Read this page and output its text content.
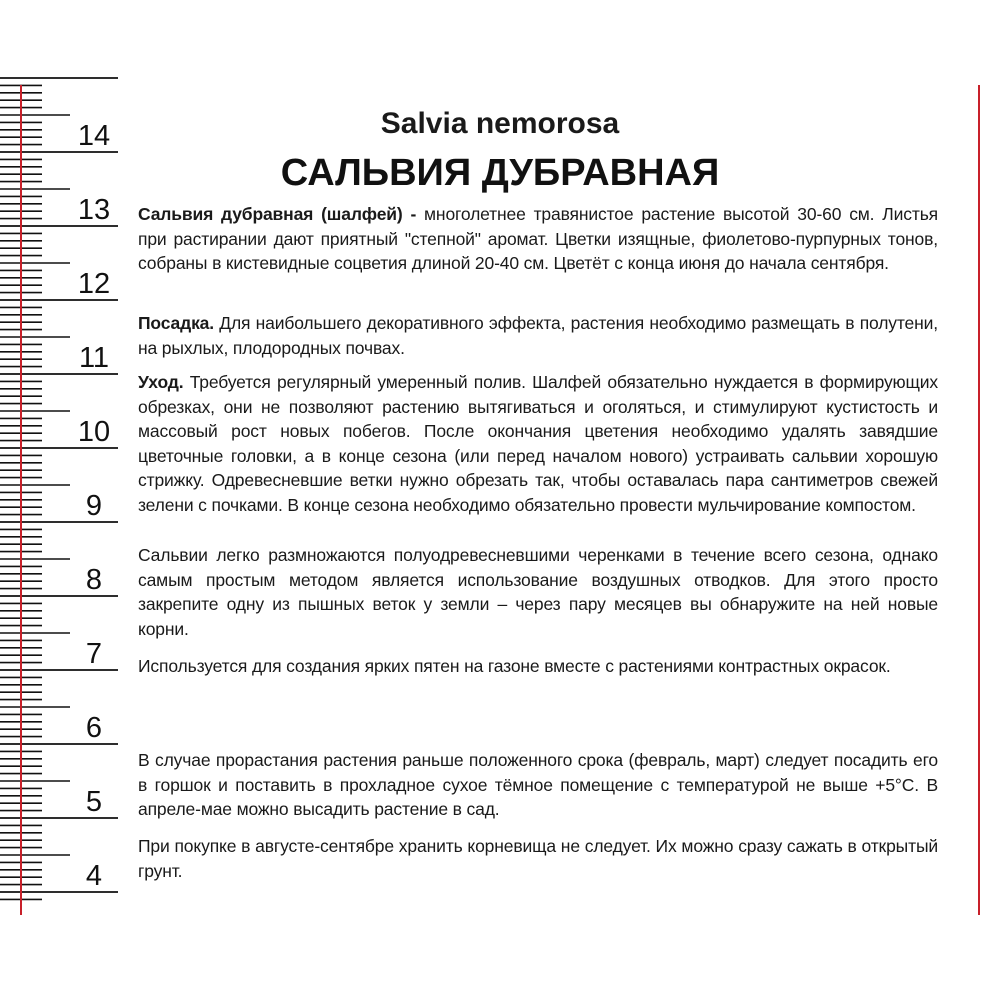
14
13
12
11
10
9
8
7
6
5
4
Salvia nemorosa
САЛЬВИЯ ДУБРАВНАЯ

Сальвия дубравная (шалфей) - многолетнее травянистое растение высотой 30-60 см. Листья при растирании дают приятный "степной" аромат. Цветки изящные, фиолетово-пурпурных тонов, собраны в кистевидные соцветия длиной 20-40 см. Цветёт с конца июня до начала сентября.

Посадка. Для наибольшего декоративного эффекта, растения необходимо размещать в полутени, на рыхлых, плодородных почвах.

Уход. Требуется регулярный умеренный полив. Шалфей обязательно нуждается в формирующих обрезках, они не позволяют растению вытягиваться и оголяться, и стимулируют кустистость и массовый рост новых побегов. После окончания цветения необходимо удалять завядшие цветочные головки, а в конце сезона (или перед началом нового) устраивать сальвии хорошую стрижку. Одревесневшие ветки нужно обрезать так, чтобы оставалась пара сантиметров свежей зелени с почками. В конце сезона необходимо обязательно провести мульчирование компостом.

Сальвии легко размножаются полуодревесневшими черенками в течение всего сезона, однако самым простым методом является использование воздушных отводков. Для этого просто закрепите одну из пышных веток у земли – через пару месяцев вы обнаружите на ней новые корни.

Используется для создания ярких пятен на газоне вместе с растениями контрастных окрасок.

В случае прорастания растения раньше положенного срока (февраль, март) следует посадить его в горшок и поставить в прохладное сухое тёмное помещение с температурой не выше +5°С. В апреле-мае можно высадить растение в сад.

При покупке в августе-сентябре хранить корневища не следует. Их можно сразу сажать в открытый грунт.
